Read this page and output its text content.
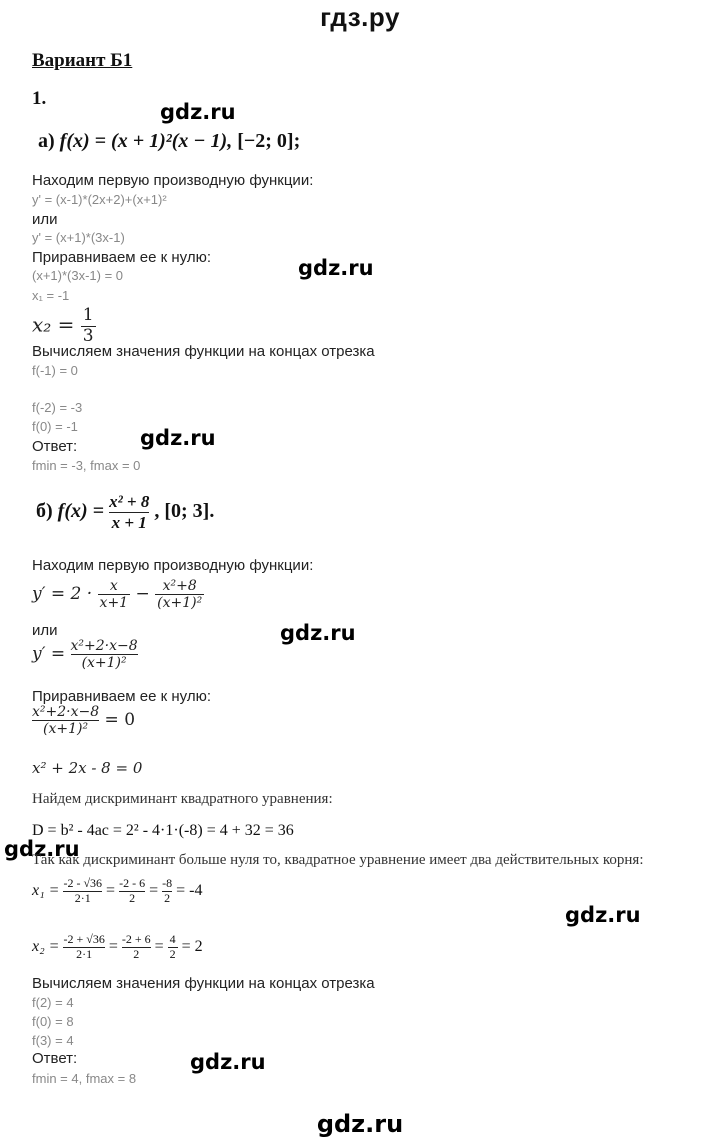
гдз.ру
gdz.ru
gdz.ru
gdz.ru
gdz.ru
gdz.ru
gdz.ru
gdz.ru
gdz.ru
Вариант Б1
1.
а) f(x) = (x + 1)²(x − 1), [−2; 0];
Находим первую производную функции:
y' = (x-1)*(2x+2)+(x+1)²
или
y' = (x+1)*(3x-1)
Приравниваем ее к нулю:
(x+1)*(3x-1) = 0
x₁ = -1
$x_2 = \frac{1}{3}$
Вычисляем значения функции на концах отрезка
f(-1) = 0
f(-2) = -3
f(0) = -1
Ответ:
fmin = -3, fmax = 0
б) $f(x) = \frac{\text{x² + 8}}{x + 1}$ , [0; 3].
Находим первую производную функции:
$y' = 2 \cdot \frac{x}{x+1} - \frac{\text{x²+8}}{\text{(x+1)²}}$
или
$y' = \frac{\text{x²+2·x−8}}{\text{(x+1)²}}$
Приравниваем ее к нулю:
$\frac{\text{x²+2·x−8}}{\text{(x+1)²}} = 0$
x² + 2x - 8 = 0
Найдем дискриминант квадратного уравнения:
D = b² - 4ac = 2² - 4·1·(-8) = 4 + 32 = 36
Так как дискриминант больше нуля то, квадратное уравнение имеет два действительных корня:
$x_1 = \frac{-2 - √36}{2\cdot 1} = \frac{-2 - 6}{2} = \frac{-8}{2} = -4$
$x_2 = \frac{-2 + √36}{2\cdot 1} = \frac{-2 + 6}{2} = \frac{4}{2} = 2$
Вычисляем значения функции на концах отрезка
f(2) = 4
f(0) = 8
f(3) = 4
Ответ:
fmin = 4, fmax = 8
